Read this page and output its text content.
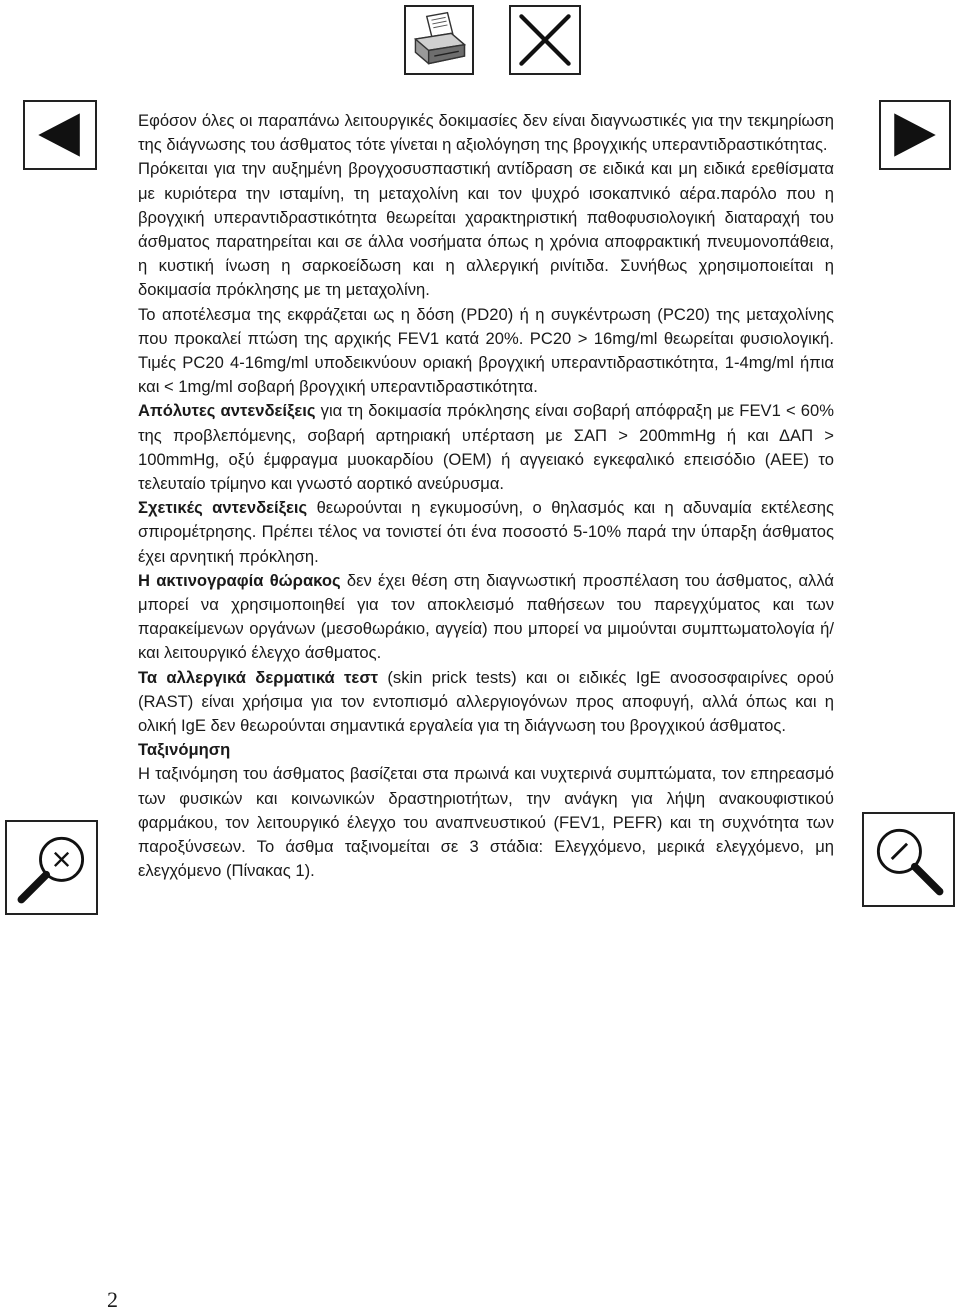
Εφόσον όλες οι παραπάνω λειτουργικές δοκιμασίες δεν είναι διαγνωστικές για την τεκμηρίωση της διάγνωσης του άσθματος τότε γίνεται η αξιολόγηση της βρογχικής υπεραντιδραστικότητας.

Πρόκειται για την αυξημένη βρογχοσυσπαστική αντίδραση σε ειδικά και μη ειδικά ερεθίσματα με κυριότερα την ισταμίνη, τη μεταχολίνη και τον ψυχρό ισοκαπνικό αέρα.παρόλο που η βρογχική υπεραντιδραστικότητα θεωρείται χαρακτηριστική παθοφυσιολογική διαταραχή του άσθματος παρατηρείται και σε άλλα νοσήματα όπως η χρόνια αποφρακτική πνευμονοπάθεια, η κυστική ίνωση η σαρκοείδωση και η αλλεργική ρινίτιδα. Συνήθως χρησιμοποιείται η δοκιμασία πρόκλησης με τη μεταχολίνη.

Το αποτέλεσμα της εκφράζεται ως η δόση (PD20) ή η συγκέντρωση (PC20) της μεταχολίνης που προκαλεί πτώση της αρχικής FEV1 κατά 20%. PC20 > 16mg/ml θεωρείται φυσιολογική. Τιμές PC20 4-16mg/ml υποδεικνύουν οριακή βρογχική υπεραντιδραστικότητα, 1-4mg/ml ήπια και < 1mg/ml σοβαρή βρογχική υπεραντιδραστικότητα.

Απόλυτες αντενδείξεις για τη δοκιμασία πρόκλησης είναι σοβαρή απόφραξη με FEV1 < 60% της προβλεπόμενης, σοβαρή αρτηριακή υπέρταση με ΣΑΠ > 200mmHg ή και ΔΑΠ > 100mmHg, οξύ έμφραγμα μυοκαρδίου (ΟΕΜ) ή αγγειακό εγκεφαλικό επεισόδιο (ΑΕΕ) το τελευταίο τρίμηνο και γνωστό αορτικό ανεύρυσμα.

Σχετικές αντενδείξεις θεωρούνται η εγκυμοσύνη, ο θηλασμός και η αδυναμία εκτέλεσης σπιρομέτρησης. Πρέπει τέλος να τονιστεί ότι ένα ποσοστό 5-10% παρά την ύπαρξη άσθματος έχει αρνητική πρόκληση.

Η ακτινογραφία θώρακος δεν έχει θέση στη διαγνωστική προσπέλαση του άσθματος, αλλά μπορεί να χρησιμοποιηθεί για τον αποκλεισμό παθήσεων του παρεγχύματος και των παρακείμενων οργάνων (μεσοθωράκιο, αγγεία) που μπορεί να μιμούνται συμπτωματολογία ή/και λειτουργικό έλεγχο άσθματος.

Τα αλλεργικά δερματικά τεστ (skin prick tests) και οι ειδικές IgE ανοσοσφαιρίνες ορού (RAST) είναι χρήσιμα για τον εντοπισμό αλλεργιογόνων προς αποφυγή, αλλά όπως και η ολική IgE δεν θεωρούνται σημαντικά εργαλεία για τη διάγνωση του βρογχικού άσθματος.

Ταξινόμηση

Η ταξινόμηση του άσθματος βασίζεται στα πρωινά και νυχτερινά συμπτώματα, τον επηρεασμό των φυσικών και κοινωνικών δραστηριοτήτων, την ανάγκη για λήψη ανακουφιστικού φαρμάκου, τον λειτουργικό έλεγχο του αναπνευστικού (FEV1, PEFR) και τη συχνότητα των παροξύνσεων. Το άσθμα ταξινομείται σε 3 στάδια: Ελεγχόμενο, μερικά ελεγχόμενο, μη ελεγχόμενο (Πίνακας 1).

2
